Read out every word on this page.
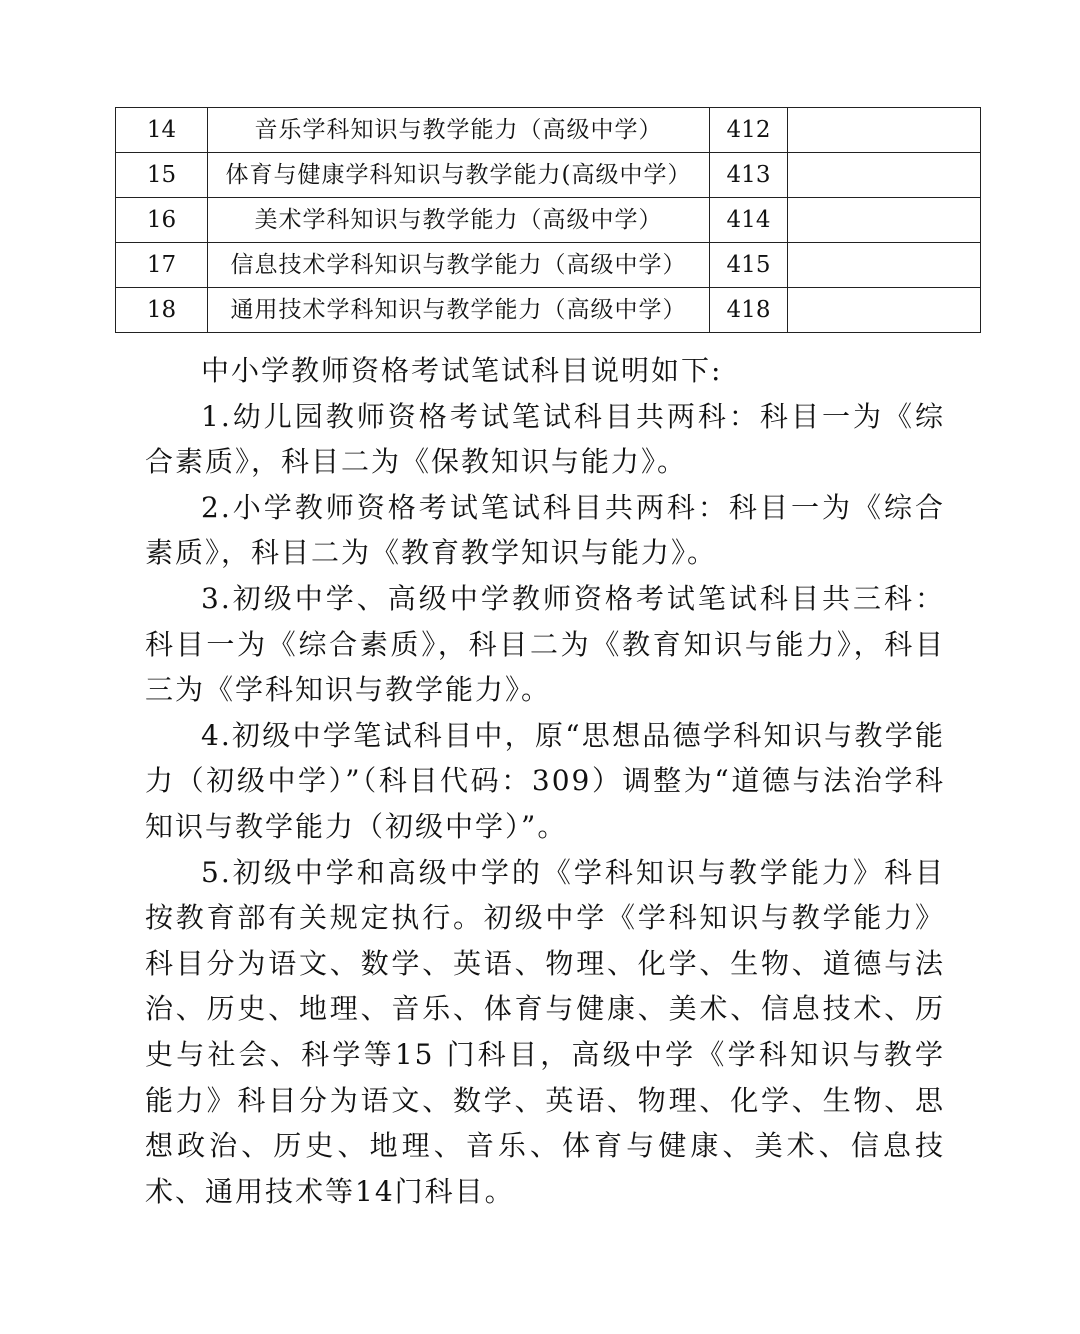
14	音乐学科知识与教学能力（高级中学）	412	
15	体育与健康学科知识与教学能力(高级中学）	413	
16	美术学科知识与教学能力（高级中学）	414	
17	信息技术学科知识与教学能力（高级中学）	415	
18	通用技术学科知识与教学能力（高级中学）	418	

中小学教师资格考试笔试科目说明如下:

1.幼儿园教师资格考试笔试科目共两科：科目一为《综合素质》，科目二为《保教知识与能力》。

2.小学教师资格考试笔试科目共两科：科目一为《综合素质》，科目二为《教育教学知识与能力》。

3.初级中学、高级中学教师资格考试笔试科目共三科：科目一为《综合素质》，科目二为《教育知识与能力》，科目三为《学科知识与教学能力》。

4.初级中学笔试科目中，原“思想品德学科知识与教学能力（初级中学）”（科目代码：309）调整为“道德与法治学科知识与教学能力（初级中学）”。

5.初级中学和高级中学的《学科知识与教学能力》科目按教育部有关规定执行。初级中学《学科知识与教学能力》科目分为语文、数学、英语、物理、化学、生物、道德与法治、历史、地理、音乐、体育与健康、美术、信息技术、历史与社会、科学等15 门科目，高级中学《学科知识与教学能力》科目分为语文、数学、英语、物理、化学、生物、思想政治、历史、地理、音乐、体育与健康、美术、信息技术、通用技术等14门科目。
